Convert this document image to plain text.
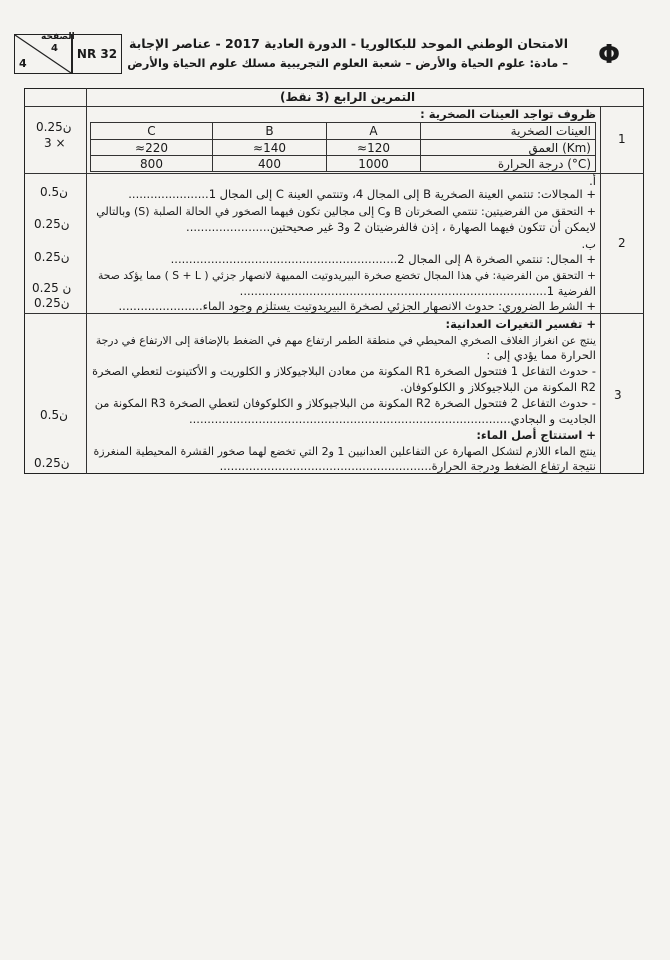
الصفحة
4
4
NR 32
الامتحان الوطني الموحد للبكالوريا - الدورة العادية 2017 - عناصر الإجابة
– مادة: علوم الحياة والأرض – شعبة العلوم التجريبية مسلك علوم الحياة والأرض Φ
التمرين الرابع (3 نقط)
1
ظروف تواجد العينات الصخرية :
العينات الصخرية
العمق (Km)
درجة الحرارة (°C)
A
B
C
≈120
≈140
≈220
1000
400
800
0.25ن
3 ×
2
أ.
+ المجالات: تنتمي العينة الصخرية B إلى المجال 4، وتنتمي العينة C إلى المجال 1......................
+ التحقق من الفرضيتين: تنتمي الصخرتان B وC إلى مجالين تكون فيهما الصخور في الحالة الصلبة (S) وبالتالي
لايمكن أن تتكون فيهما الصهارة ، إذن فالفرضيتان 2 و3 غير صحيحتين.......................
ب.
+ المجال: تنتمي الصخرة A إلى المجال 2..............................................................
+ التحقق من الفرضية: في هذا المجال تخضع صخرة البيريدوتيت المميهة لانصهار جزئي ( S + L ) مما يؤكد صحة
الفرضية 1....................................................................................
+ الشرط الضروري: حدوث الانصهار الجزئي لصخرة البيريدوتيت يستلزم وجود الماء.......................
0.5ن
0.25ن
0.25ن
0.25 ن
0.25ن
3
+ تفسير التغيرات العدانية:
ينتج عن انغراز الغلاف الصخري المحيطي في منطقة الطمر ارتفاع مهم في الضغط بالإضافة إلى الارتفاع في درجة
الحرارة مما يؤدي إلى :
- حدوث التفاعل 1 فتتحول الصخرة R1 المكونة من معادن البلاجيوكلاز و الكلوريت و الأكتينوت لتعطي الصخرة
R2 المكونة من البلاجيوكلاز و الكلوكوفان.
- حدوث التفاعل 2 فتتحول الصخرة R2 المكونة من البلاجيوكلاز و الكلوكوفان لتعطي الصخرة R3 المكونة من
الجاديت و البجادي........................................................................................
+ استنتاج أصل الماء:
ينتج الماء اللازم لتشكل الصهارة عن التفاعلين العدانيين 1 و2 التي تخضع لهما صخور القشرة المحيطية المنغرزة
نتيجة ارتفاع الضغط ودرجة الحرارة..........................................................
0.5ن
0.25ن
